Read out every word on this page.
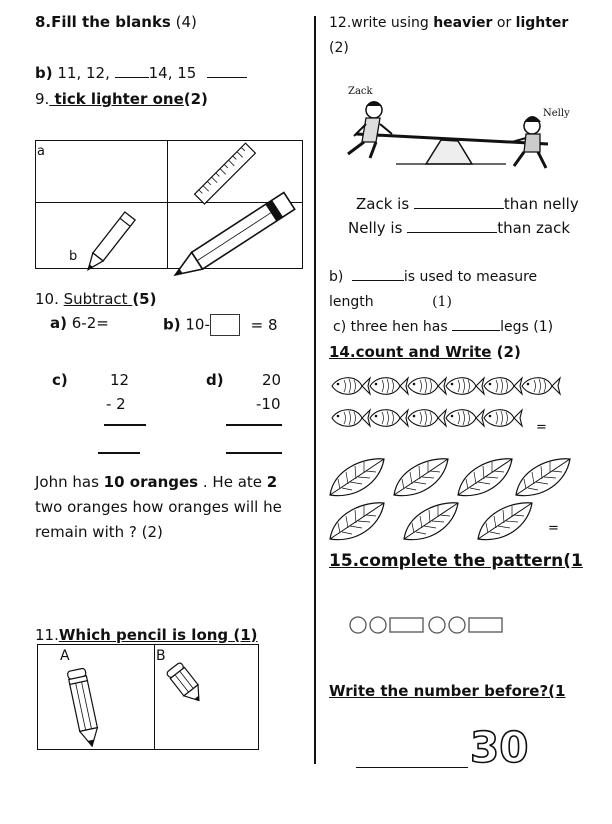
8.Fill the blanks (4)
b) 11, 12,	14, 15
9. tick lighter one(2)
a

b

10. Subtract (5)
a) 6-2=	b) 10-	= 8
c)	12
- 2
d)	20
-10
John has 10 oranges . He ate 2
two oranges how oranges will he
remain with ? (2)
11.Which pencil is long (1)
A	B
12.write using heavier or lighter
(2)
Zack
Nelly
Zack is	than nelly
Nelly is	than zack
b)	is used to measure
length	(1)
c) three hen has	legs (1)
14.count and Write (2)
=
=
15.complete the pattern(1
Write the number before?(1
30
